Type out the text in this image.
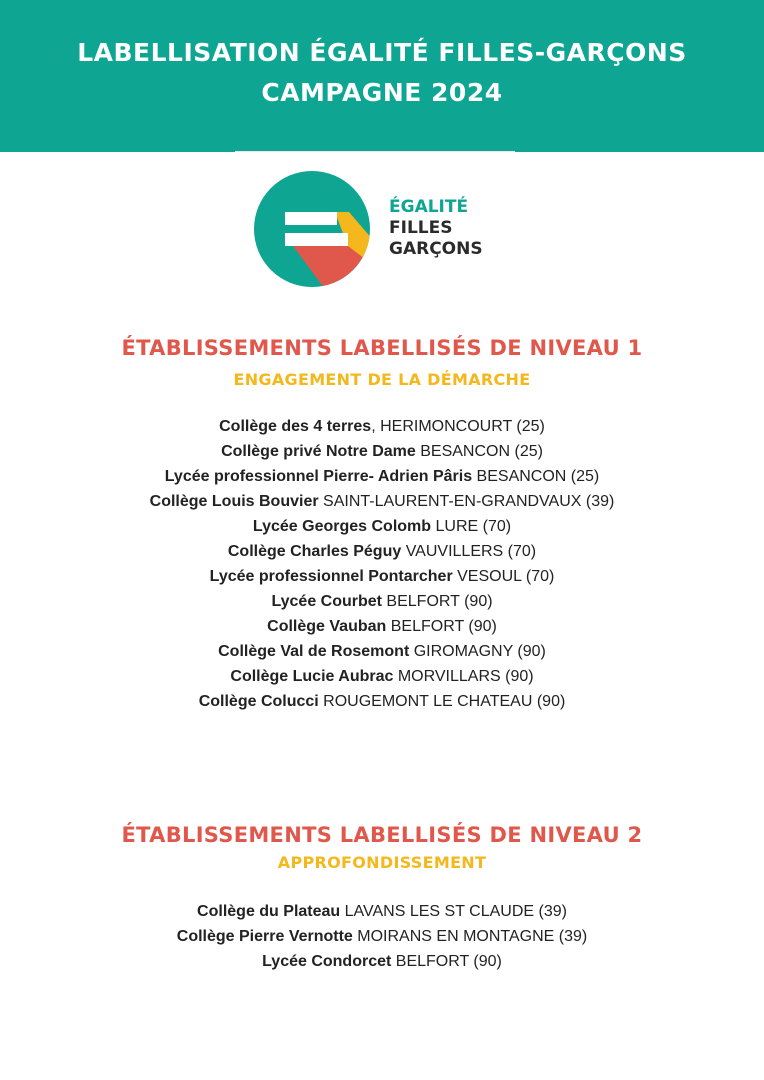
LABELLISATION ÉGALITÉ FILLES-GARÇONS
CAMPAGNE 2024
ÉGALITÉ
FILLES
GARÇONS
ÉTABLISSEMENTS LABELLISÉS DE NIVEAU 1
ENGAGEMENT DE LA DÉMARCHE
Collège des 4 terres, HERIMONCOURT (25)
Collège privé Notre Dame BESANCON (25)
Lycée professionnel Pierre- Adrien Pâris BESANCON (25)
Collège Louis Bouvier SAINT-LAURENT-EN-GRANDVAUX (39)
Lycée Georges Colomb LURE (70)
Collège Charles Péguy VAUVILLERS (70)
Lycée professionnel Pontarcher VESOUL (70)
Lycée Courbet BELFORT (90)
Collège Vauban BELFORT (90)
Collège Val de Rosemont GIROMAGNY (90)
Collège Lucie Aubrac MORVILLARS (90)
Collège Colucci ROUGEMONT LE CHATEAU (90)
ÉTABLISSEMENTS LABELLISÉS DE NIVEAU 2
APPROFONDISSEMENT
Collège du Plateau LAVANS LES ST CLAUDE (39)
Collège Pierre Vernotte MOIRANS EN MONTAGNE (39)
Lycée Condorcet BELFORT (90)
